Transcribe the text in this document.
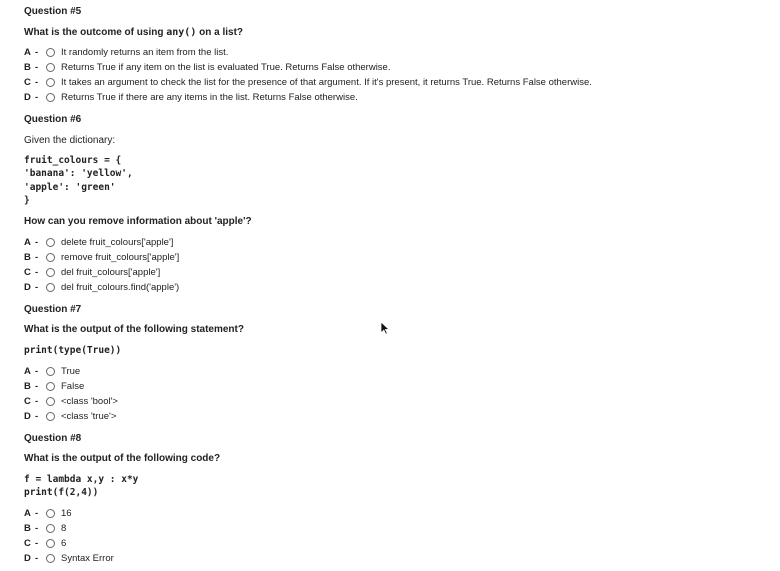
Question #5
What is the outcome of using any() on a list?
A -	It randomly returns an item from the list.
B -	Returns True if any item on the list is evaluated True. Returns False otherwise.
C -	It takes an argument to check the list for the presence of that argument. If it's present, it returns True. Returns False otherwise.
D -	Returns True if there are any items in the list. Returns False otherwise.
Question #6
Given the dictionary:
fruit_colours = {
'banana': 'yellow',
'apple': 'green'
}
How can you remove information about 'apple'?
A -	delete fruit_colours['apple']
B -	remove fruit_colours['apple']
C -	del fruit_colours['apple']
D -	del fruit_colours.find('apple')
Question #7
What is the output of the following statement?
print(type(True))
A -	True
B -	False
C -	<class 'bool'>
D -	<class 'true'>
Question #8
What is the output of the following code?
f = lambda x,y : x*y
print(f(2,4))
A -	16
B -	8
C -	6
D -	Syntax Error
